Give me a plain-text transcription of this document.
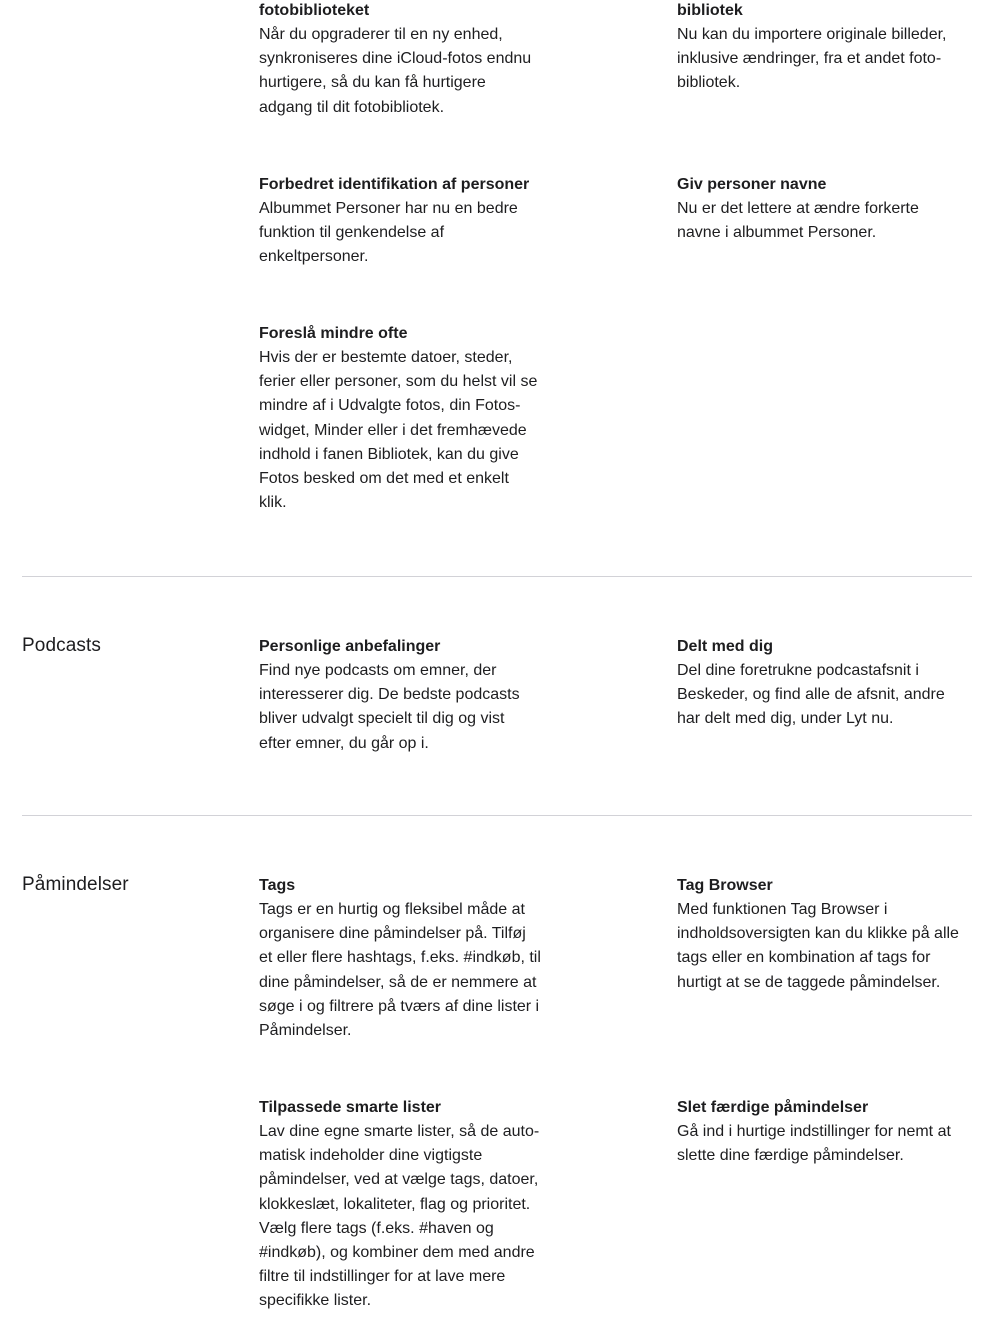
fotobiblioteket

Når du opgraderer til en ny enhed,
synkroniseres dine iCloud-fotos endnu
hurtigere, så du kan få hurtigere
adgang til dit fotobibliotek.

bibliotek

Nu kan du importere originale billeder,
inklusive ændringer, fra et andet foto-
bibliotek.

Forbedret identifikation af personer

Albummet Personer har nu en bedre
funktion til genkendelse af
enkeltpersoner.

Giv personer navne

Nu er det lettere at ændre forkerte
navne i albummet Personer.

Foreslå mindre ofte

Hvis der er bestemte datoer, steder,
ferier eller personer, som du helst vil se
mindre af i Udvalgte fotos, din Fotos-
widget, Minder eller i det fremhævede
indhold i fanen Bibliotek, kan du give
Fotos besked om det med et enkelt
klik.

Podcasts	Personlige anbefalinger

Find nye podcasts om emner, der
interesserer dig. De bedste podcasts
bliver udvalgt specielt til dig og vist
efter emner, du går op i.

Delt med dig

Del dine foretrukne podcastafsnit i
Beskeder, og find alle de afsnit, andre
har delt med dig, under Lyt nu.

Påmindelser	Tags

Tags er en hurtig og fleksibel måde at
organisere dine påmindelser på. Tilføj
et eller flere hashtags, f.eks. #indkøb, til
dine påmindelser, så de er nemmere at
søge i og filtrere på tværs af dine lister i
Påmindelser.

Tag Browser

Med funktionen Tag Browser i
indholdsoversigten kan du klikke på alle
tags eller en kombination af tags for
hurtigt at se de taggede påmindelser.

Tilpassede smarte lister

Lav dine egne smarte lister, så de auto-
matisk indeholder dine vigtigste
påmindelser, ved at vælge tags, datoer,
klokkeslæt, lokaliteter, flag og prioritet.
Vælg flere tags (f.eks. #haven og
#indkøb), og kombiner dem med andre
filtre til indstillinger for at lave mere
specifikke lister.

Slet færdige påmindelser

Gå ind i hurtige indstillinger for nemt at
slette dine færdige påmindelser.
